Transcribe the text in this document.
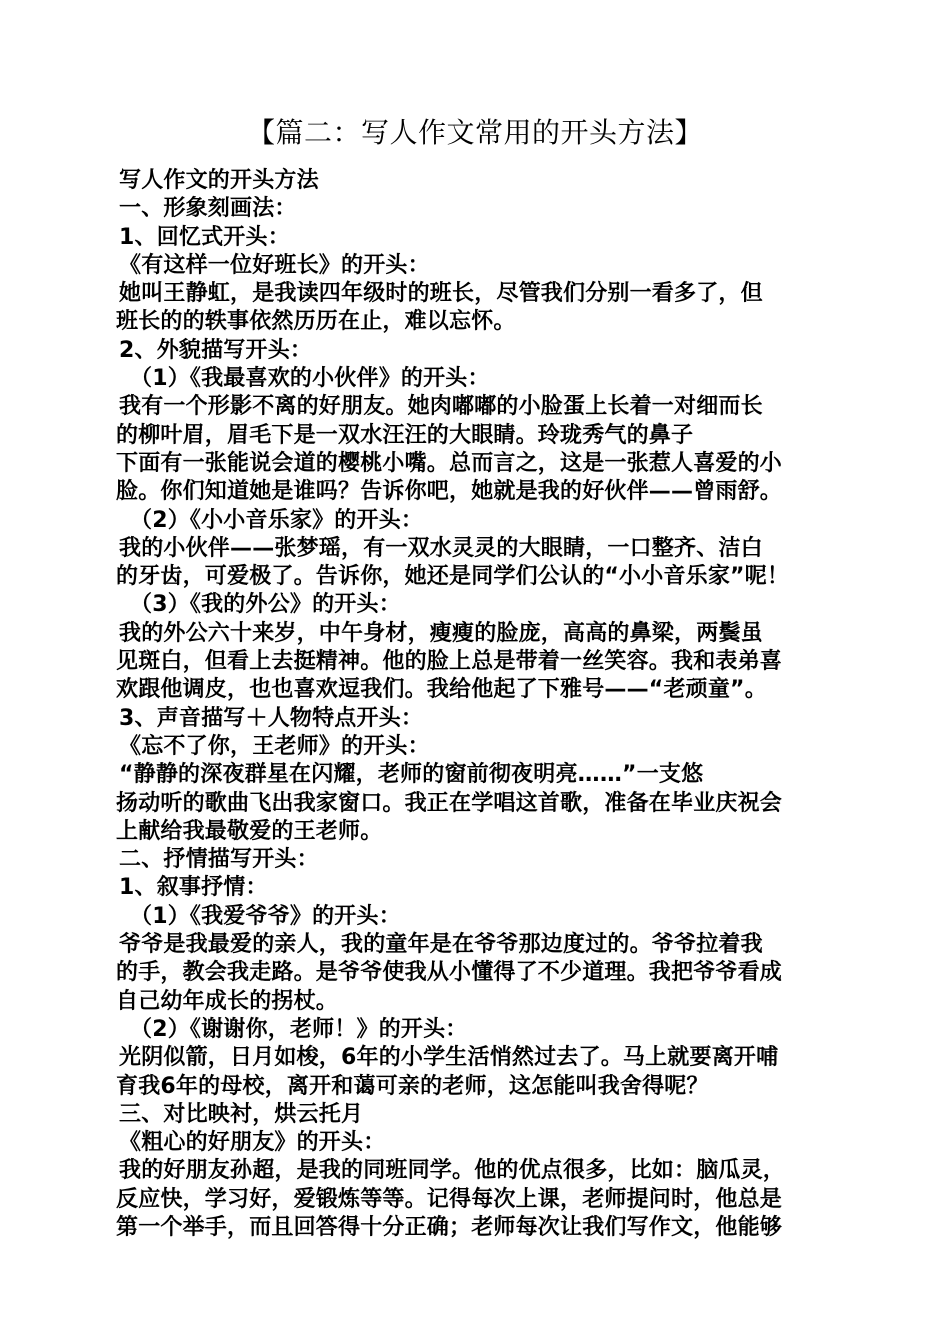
【篇二：写人作文常用的开头方法】
写人作文的开头方法
一、形象刻画法：
1、回忆式开头：
《有这样一位好班长》的开头：
她叫王静虹，是我读四年级时的班长，尽管我们分别一看多了，但
班长的的轶事依然历历在止，难以忘怀。
2、外貌描写开头：
（1）《我最喜欢的小伙伴》的开头：
我有一个形影不离的好朋友。她肉嘟嘟的小脸蛋上长着一对细而长
的柳叶眉，眉毛下是一双水汪汪的大眼睛。玲珑秀气的鼻子
下面有一张能说会道的樱桃小嘴。总而言之，这是一张惹人喜爱的小
脸。你们知道她是谁吗？告诉你吧，她就是我的好伙伴——曾雨舒。
（2）《小小音乐家》的开头：
我的小伙伴——张梦瑶，有一双水灵灵的大眼睛，一口整齐、洁白
的牙齿，可爱极了。告诉你，她还是同学们公认的“小小音乐家”呢！
（3）《我的外公》的开头：
我的外公六十来岁，中午身材，瘦瘦的脸庞，高高的鼻梁，两鬓虽
见斑白，但看上去挺精神。他的脸上总是带着一丝笑容。我和表弟喜
欢跟他调皮，也也喜欢逗我们。我给他起了下雅号——“老顽童”。
3、声音描写＋人物特点开头：
《忘不了你，王老师》的开头：
“静静的深夜群星在闪耀，老师的窗前彻夜明亮……”一支悠
扬动听的歌曲飞出我家窗口。我正在学唱这首歌，准备在毕业庆祝会
上献给我最敬爱的王老师。
二、抒情描写开头：
1、叙事抒情：
（1）《我爱爷爷》的开头：
爷爷是我最爱的亲人，我的童年是在爷爷那边度过的。爷爷拉着我
的手，教会我走路。是爷爷使我从小懂得了不少道理。我把爷爷看成
自己幼年成长的拐杖。
（2）《谢谢你，老师！》的开头：
光阴似箭，日月如梭，6年的小学生活悄然过去了。马上就要离开哺
育我6年的母校，离开和蔼可亲的老师，这怎能叫我舍得呢？
三、对比映衬，烘云托月
《粗心的好朋友》的开头：
我的好朋友孙超，是我的同班同学。他的优点很多，比如：脑瓜灵，
反应快，学习好，爱锻炼等等。记得每次上课，老师提问时，他总是
第一个举手，而且回答得十分正确；老师每次让我们写作文，他能够
